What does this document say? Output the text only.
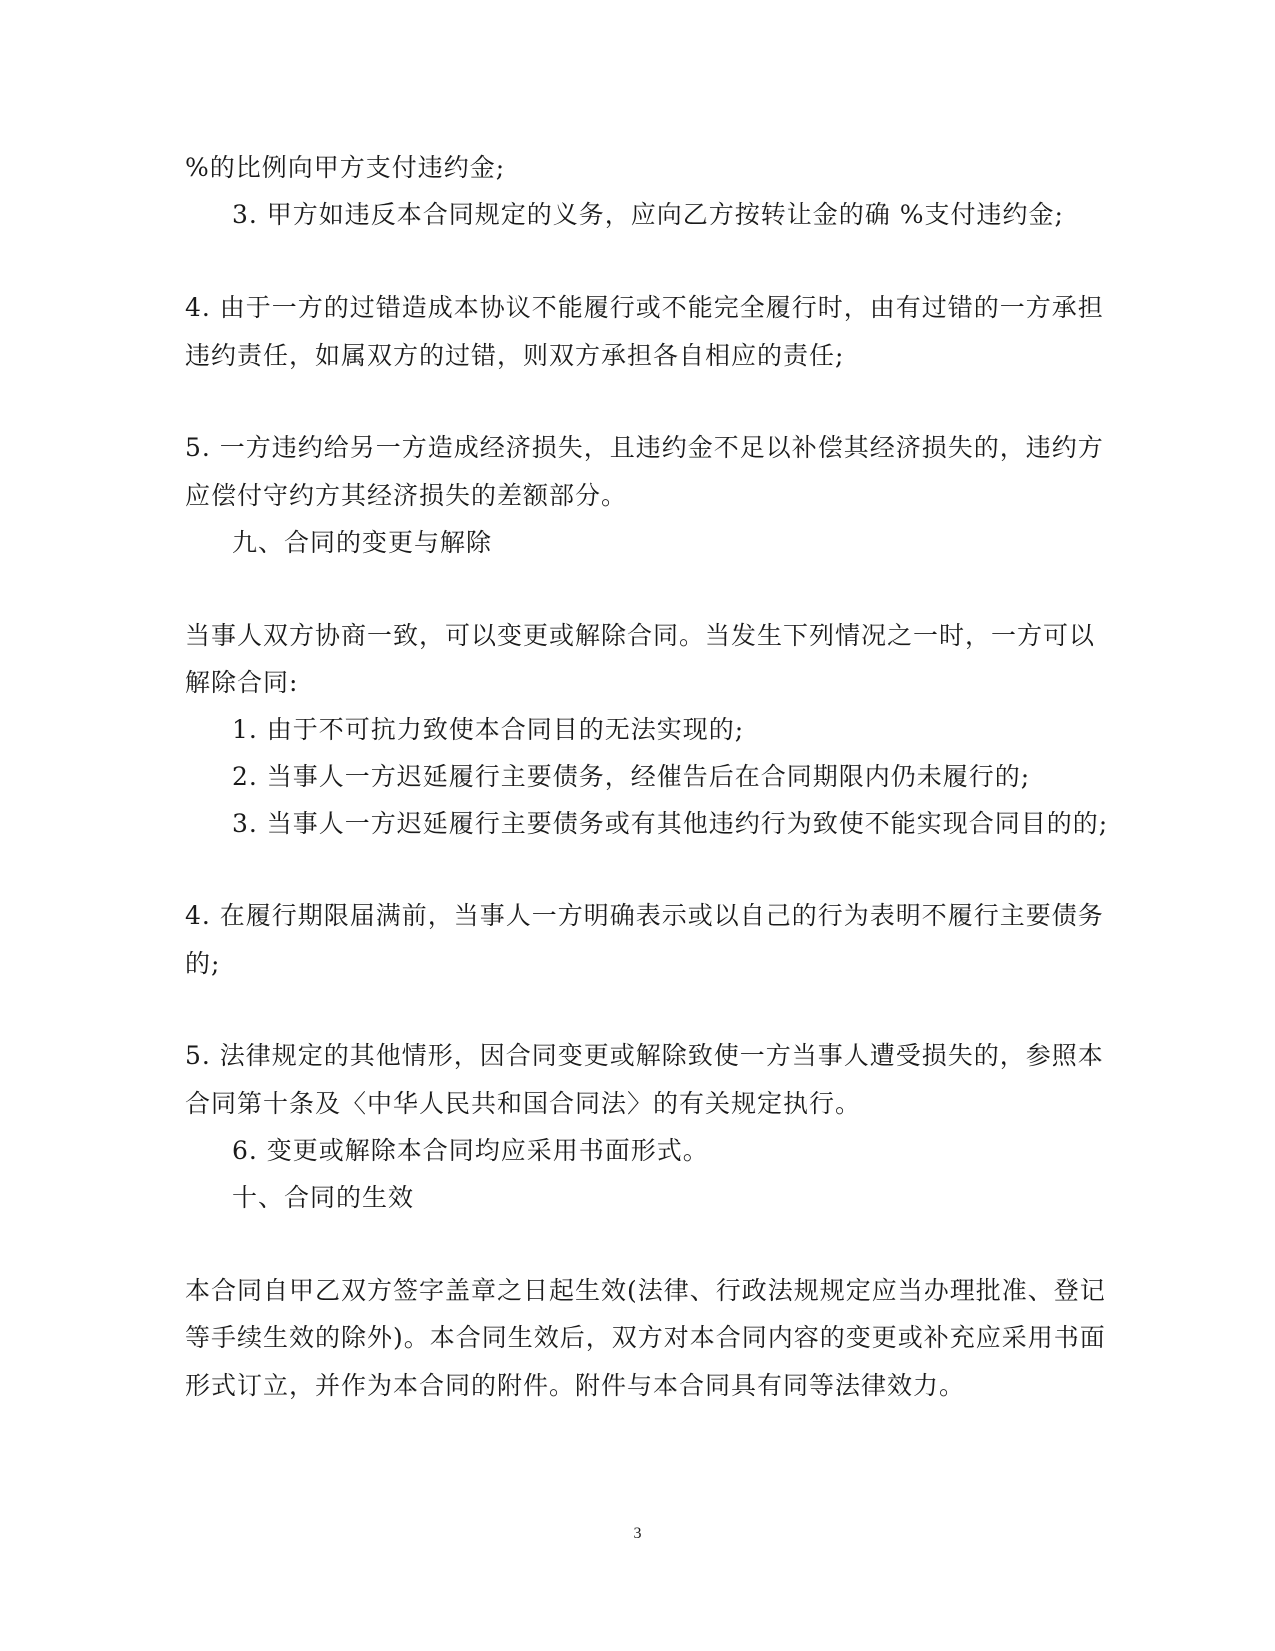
%的比例向甲方支付违约金;
3. 甲方如违反本合同规定的义务，应向乙方按转让金的确 %支付违约金;
4. 由于一方的过错造成本协议不能履行或不能完全履行时，由有过错的一方承担
违约责任，如属双方的过错，则双方承担各自相应的责任;
5. 一方违约给另一方造成经济损失，且违约金不足以补偿其经济损失的，违约方
应偿付守约方其经济损失的差额部分。
九、合同的变更与解除
当事人双方协商一致，可以变更或解除合同。当发生下列情况之一时，一方可以
解除合同:
1. 由于不可抗力致使本合同目的无法实现的;
2. 当事人一方迟延履行主要债务，经催告后在合同期限内仍未履行的;
3. 当事人一方迟延履行主要债务或有其他违约行为致使不能实现合同目的的;
4. 在履行期限届满前，当事人一方明确表示或以自己的行为表明不履行主要债务
的;
5. 法律规定的其他情形，因合同变更或解除致使一方当事人遭受损失的，参照本
合同第十条及〈中华人民共和国合同法〉的有关规定执行。
6. 变更或解除本合同均应采用书面形式。
十、合同的生效
本合同自甲乙双方签字盖章之日起生效(法律、行政法规规定应当办理批准、登记
等手续生效的除外)。本合同生效后，双方对本合同内容的变更或补充应采用书面
形式订立，并作为本合同的附件。附件与本合同具有同等法律效力。
3
